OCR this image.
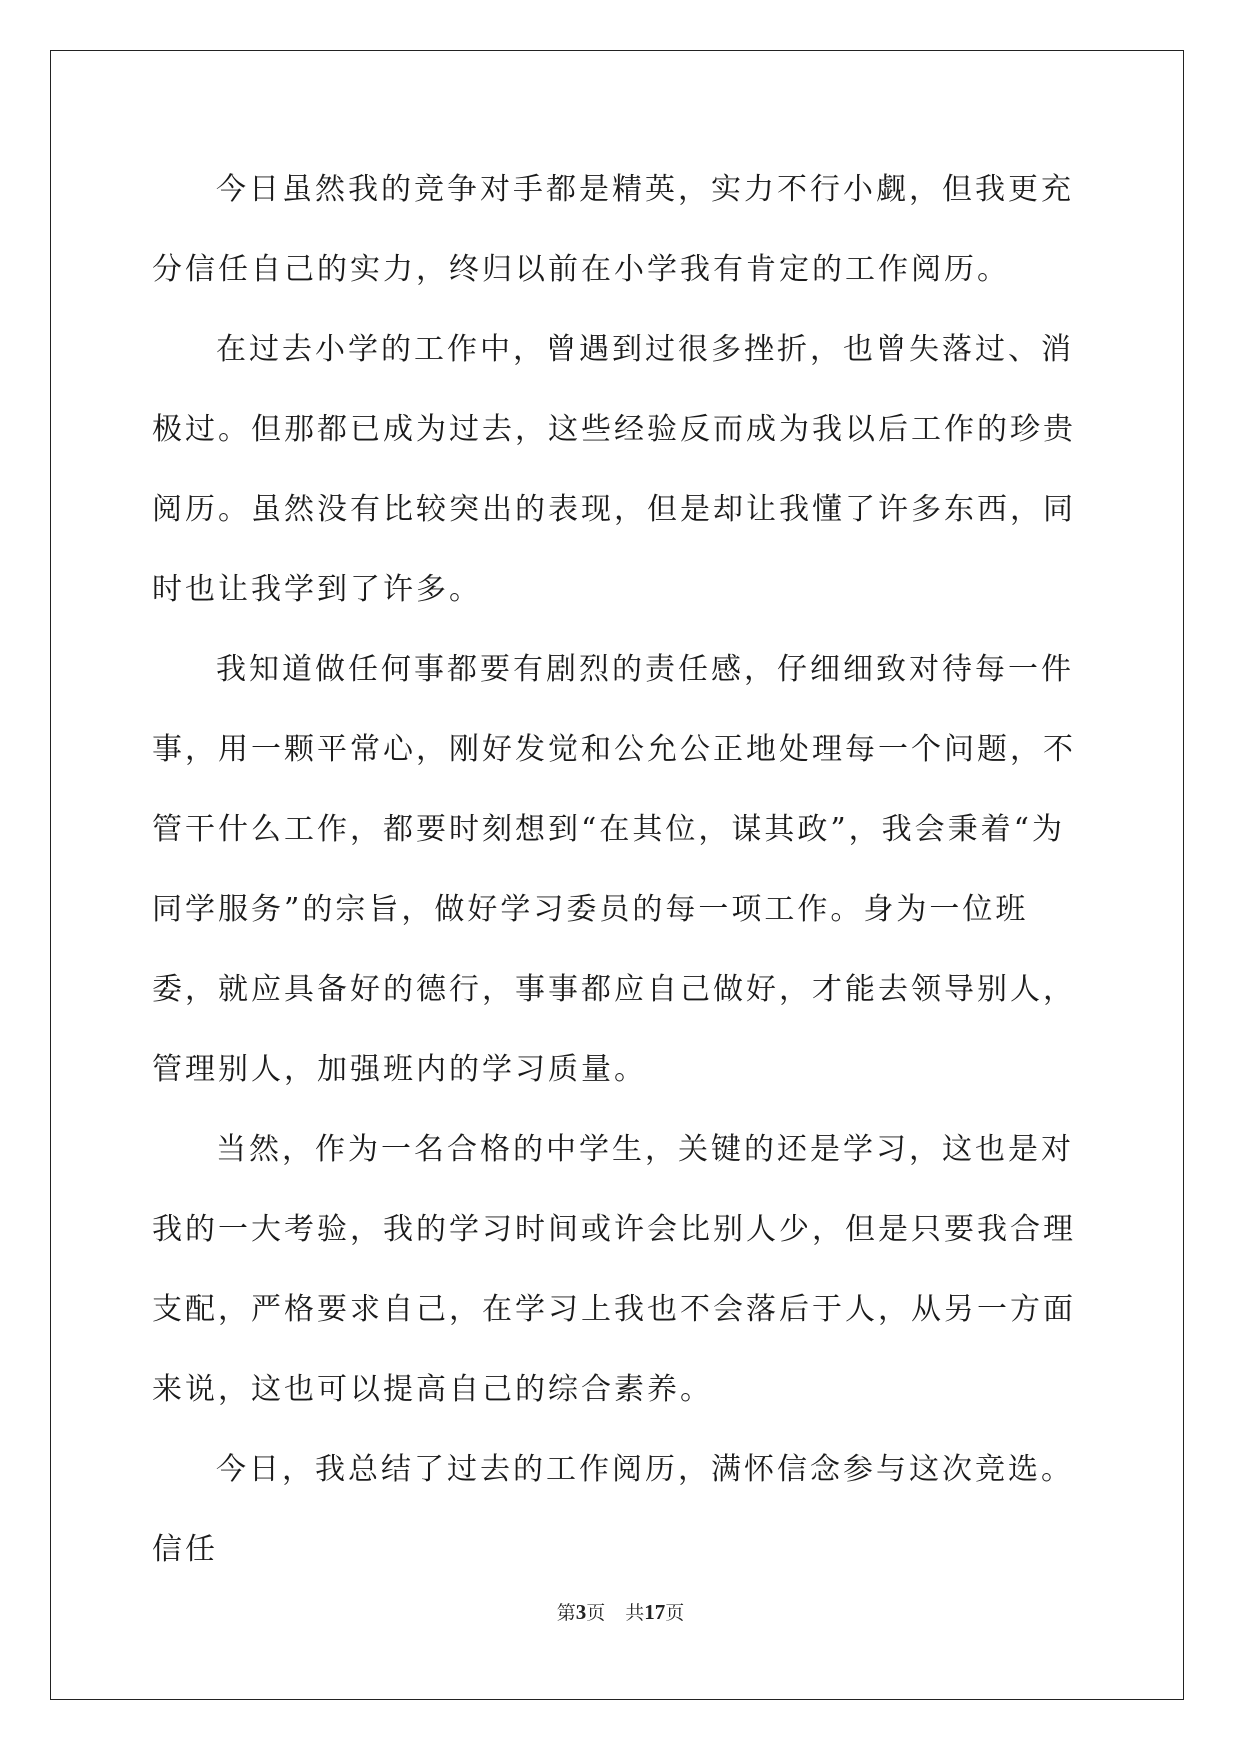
今日虽然我的竞争对手都是精英，实力不行小觑，但我更充分信任自己的实力，终归以前在小学我有肯定的工作阅历。

在过去小学的工作中，曾遇到过很多挫折，也曾失落过、消极过。但那都已成为过去，这些经验反而成为我以后工作的珍贵阅历。虽然没有比较突出的表现，但是却让我懂了许多东西，同时也让我学到了许多。

我知道做任何事都要有剧烈的责任感，仔细细致对待每一件事，用一颗平常心，刚好发觉和公允公正地处理每一个问题，不管干什么工作，都要时刻想到“在其位，谋其政”，我会秉着“为同学服务”的宗旨，做好学习委员的每一项工作。身为一位班委，就应具备好的德行，事事都应自己做好，才能去领导别人，管理别人，加强班内的学习质量。

当然，作为一名合格的中学生，关键的还是学习，这也是对我的一大考验，我的学习时间或许会比别人少，但是只要我合理支配，严格要求自己，在学习上我也不会落后于人，从另一方面来说，这也可以提高自己的综合素养。

今日，我总结了过去的工作阅历，满怀信念参与这次竞选。信任

第3页 共17页
